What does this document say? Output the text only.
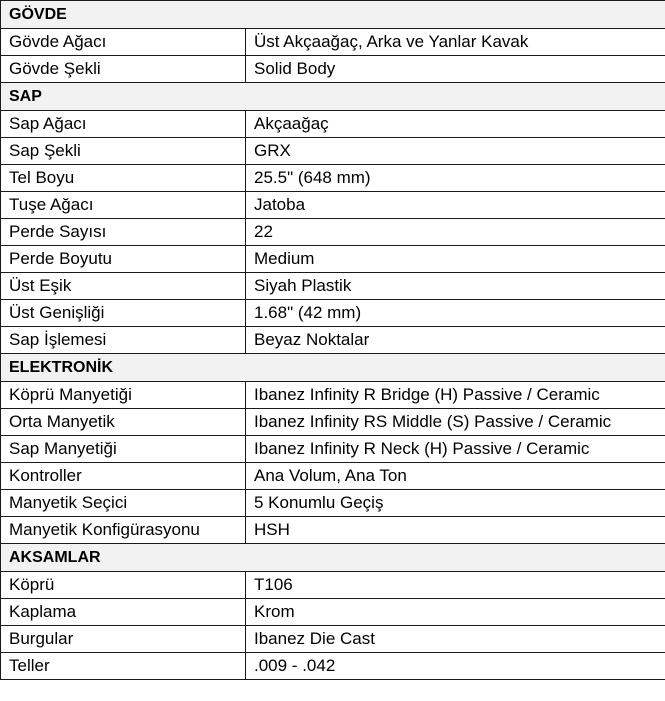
GÖVDE	
Gövde Ağacı	Üst Akçaağaç, Arka ve Yanlar Kavak
Gövde Şekli	Solid Body
SAP	
Sap Ağacı	Akçaağaç
Sap Şekli	GRX
Tel Boyu	25.5" (648 mm)
Tuşe Ağacı	Jatoba
Perde Sayısı	22
Perde Boyutu	Medium
Üst Eşik	Siyah Plastik
Üst Genişliği	1.68" (42 mm)
Sap İşlemesi	Beyaz Noktalar
ELEKTRONİK	
Köprü Manyetiği	Ibanez Infinity R Bridge (H) Passive / Ceramic
Orta Manyetik	Ibanez Infinity RS Middle (S) Passive / Ceramic
Sap Manyetiği	Ibanez Infinity R Neck (H) Passive / Ceramic
Kontroller	Ana Volum, Ana Ton
Manyetik Seçici	5 Konumlu Geçiş
Manyetik Konfigürasyonu	HSH
AKSAMLAR	
Köprü	T106
Kaplama	Krom
Burgular	Ibanez Die Cast
Teller	.009 - .042
